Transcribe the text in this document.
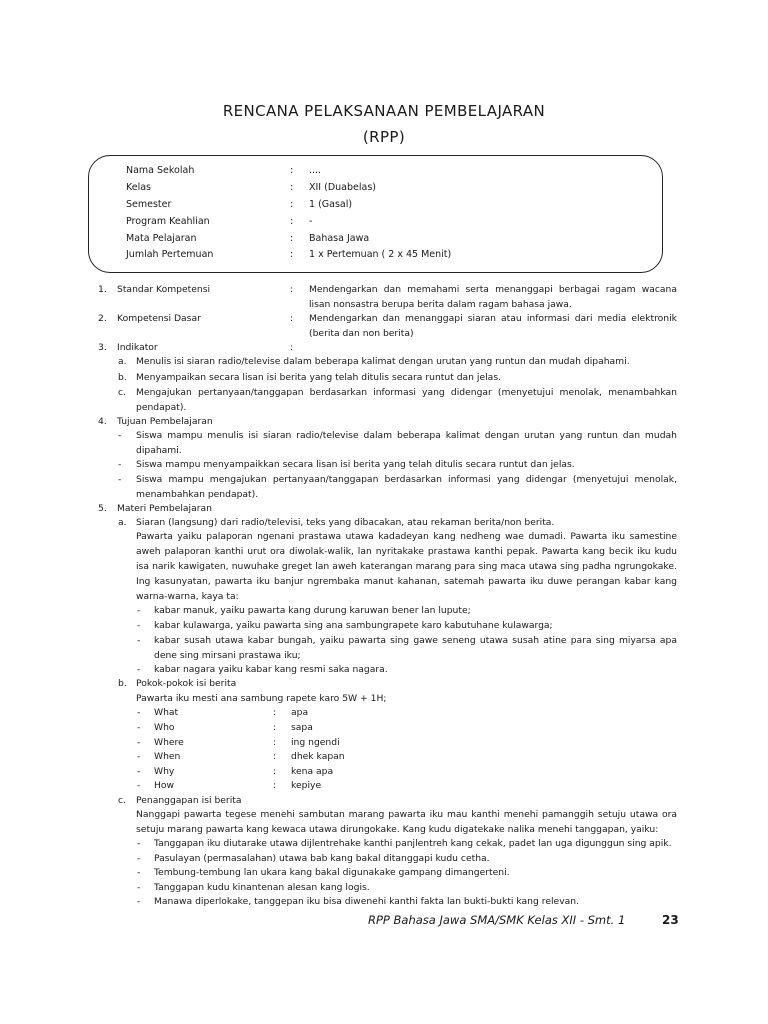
RENCANA PELAKSANAAN PEMBELAJARAN
(RPP)
Nama Sekolah	: ....
Kelas	: XII (Duabelas)
Semester	: 1 (Gasal)
Program Keahlian	: -
Mata Pelajaran	: Bahasa Jawa
Jumlah Pertemuan	: 1 x Pertemuan ( 2 x 45 Menit)
1. Standar Kompetensi	: Mendengarkan dan memahami serta menanggapi berbagai ragam wacana lisan nonsastra berupa berita dalam ragam bahasa jawa.
2. Kompetensi Dasar	: Mendengarkan dan menanggapi siaran atau informasi dari media elektronik (berita dan non berita)
3. Indikator	:
a. Menulis isi siaran radio/televise dalam beberapa kalimat dengan urutan yang runtun dan mudah dipahami.
b. Menyampaikan secara lisan isi berita yang telah ditulis secara runtut dan jelas.
c. Mengajukan pertanyaan/tanggapan berdasarkan informasi yang didengar (menyetujui menolak, menambahkan pendapat).
4. Tujuan Pembelajaran
- Siswa mampu menulis isi siaran radio/televise dalam beberapa kalimat dengan urutan yang runtun dan mudah dipahami.
- Siswa mampu menyampaikkan secara lisan isi berita yang telah ditulis secara runtut dan jelas.
- Siswa mampu mengajukan pertanyaan/tanggapan berdasarkan informasi yang didengar (menyetujui menolak, menambahkan pendapat).
5. Materi Pembelajaran
a. Siaran (langsung) dari radio/televisi, teks yang dibacakan, atau rekaman berita/non berita.
Pawarta yaiku palaporan ngenani prastawa utawa kadadeyan kang nedheng wae dumadi. Pawarta iku samestine aweh palaporan kanthi urut ora diwolak-walik, lan nyritakake prastawa kanthi pepak. Pawarta kang becik iku kudu isa narik kawigaten, nuwuhake greget lan aweh katerangan marang para sing maca utawa sing padha ngrungokake. Ing kasunyatan, pawarta iku banjur ngrembaka manut kahanan, satemah pawarta iku duwe perangan kabar kang warna-warna, kaya ta:
- kabar manuk, yaiku pawarta kang durung karuwan bener lan lupute;
- kabar kulawarga, yaiku pawarta sing ana sambungrapete karo kabutuhane kulawarga;
- kabar susah utawa kabar bungah, yaiku pawarta sing gawe seneng utawa susah atine para sing miyarsa apa dene sing mirsani prastawa iku;
- kabar nagara yaiku kabar kang resmi saka nagara.
b. Pokok-pokok isi berita
Pawarta iku mesti ana sambung rapete karo 5W + 1H;
- What	: apa
- Who	: sapa
- Where	: ing ngendi
- When	: dhek kapan
- Why	: kena apa
- How	: kepiye
c. Penanggapan isi berita
Nanggapi pawarta tegese menehi sambutan marang pawarta iku mau kanthi menehi pamanggih setuju utawa ora setuju marang pawarta kang kewaca utawa dirungokake. Kang kudu digatekake nalika menehi tanggapan, yaiku:
- Tanggapan iku diutarake utawa dijlentrehake kanthi panjlentreh kang cekak, padet lan uga digunggun sing apik.
- Pasulayan (permasalahan) utawa bab kang bakal ditanggapi kudu cetha.
- Tembung-tembung lan ukara kang bakal digunakake gampang dimangerteni.
- Tanggapan kudu kinantenan alesan kang logis.
- Manawa diperlokake, tanggepan iku bisa diwenehi kanthi fakta lan bukti-bukti kang relevan.
RPP Bahasa Jawa SMA/SMK Kelas XII - Smt. 1	23
